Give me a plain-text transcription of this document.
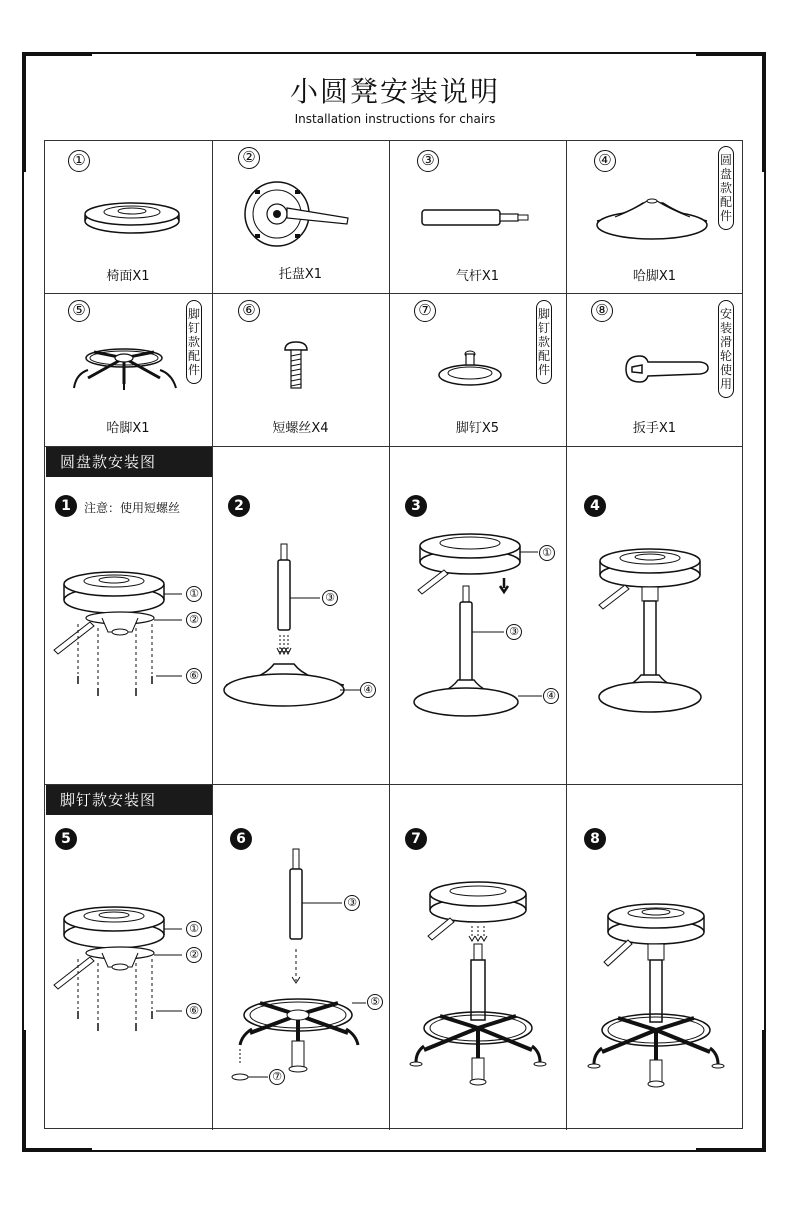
小圆凳安装说明
Installation instructions for chairs
①
椅面X1
②
托盘X1
③
气杆X1
④
哈脚X1
圆盘款配件
⑤
哈脚X1
脚钉款配件
⑥
短螺丝X4
⑦
脚钉X5
脚钉款配件
⑧
扳手X1
安装滑轮使用
圆盘款安装图
1	注意：使用短螺丝
①
②
⑥
2
③
④
3
①
③
④
4
脚钉款安装图
5
①
②
⑥
6
③
⑤
⑦
7	8
